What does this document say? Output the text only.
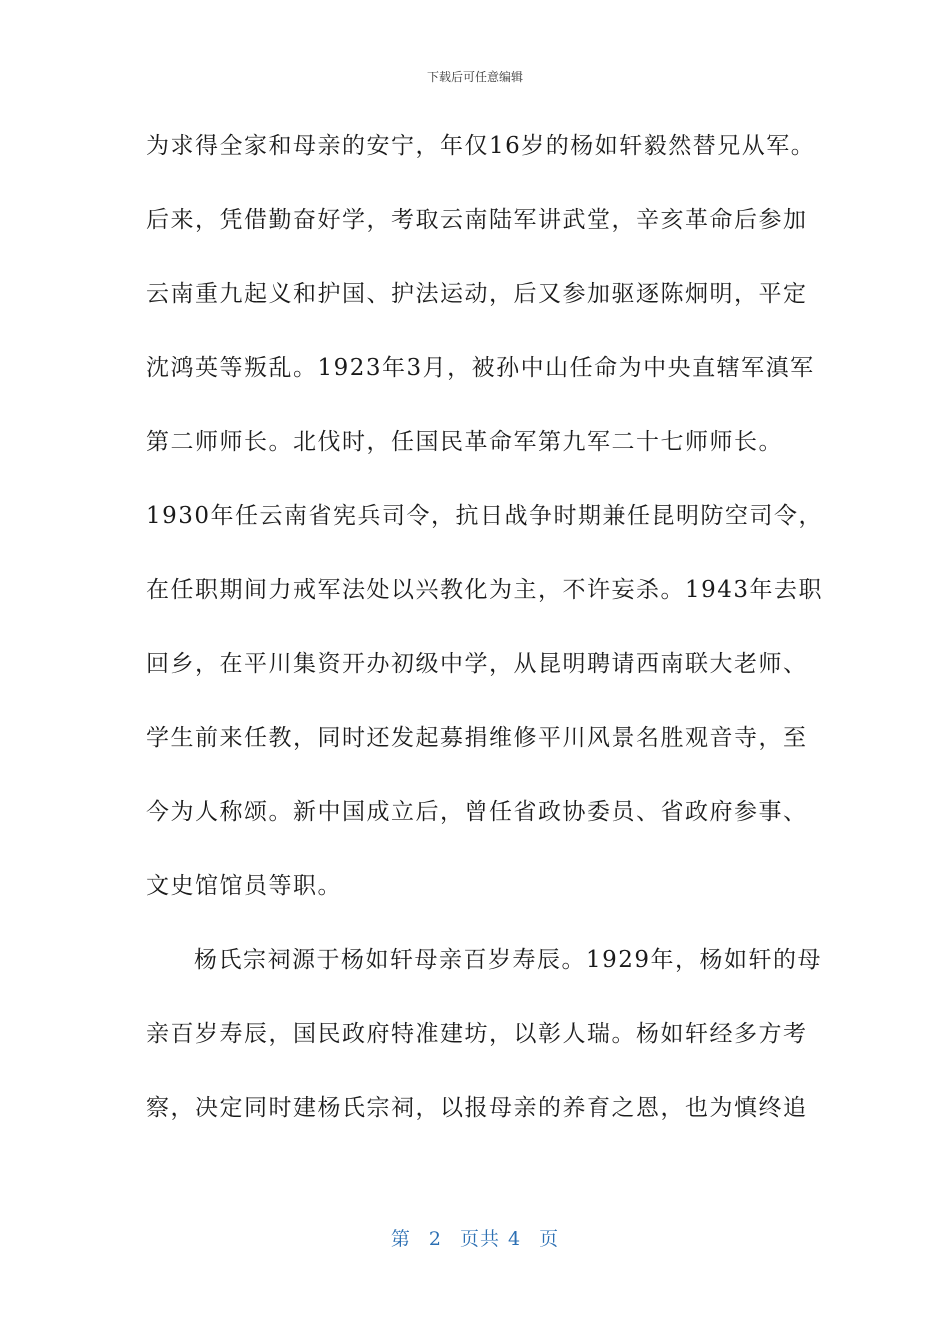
下载后可任意编辑
为求得全家和母亲的安宁，年仅16岁的杨如轩毅然替兄从军。
后来，凭借勤奋好学，考取云南陆军讲武堂，辛亥革命后参加
云南重九起义和护国、护法运动，后又参加驱逐陈炯明，平定
沈鸿英等叛乱。1923年3月，被孙中山任命为中央直辖军滇军
第二师师长。北伐时，任国民革命军第九军二十七师师长。
1930年任云南省宪兵司令，抗日战争时期兼任昆明防空司令，
在任职期间力戒军法处以兴教化为主，不许妄杀。1943年去职
回乡，在平川集资开办初级中学，从昆明聘请西南联大老师、
学生前来任教，同时还发起募捐维修平川风景名胜观音寺，至
今为人称颂。新中国成立后，曾任省政协委员、省政府参事、
文史馆馆员等职。
杨氏宗祠源于杨如轩母亲百岁寿辰。1929年，杨如轩的母
亲百岁寿辰，国民政府特准建坊，以彰人瑞。杨如轩经多方考
察，决定同时建杨氏宗祠，以报母亲的养育之恩，也为慎终追
第 2 页共 4 页
